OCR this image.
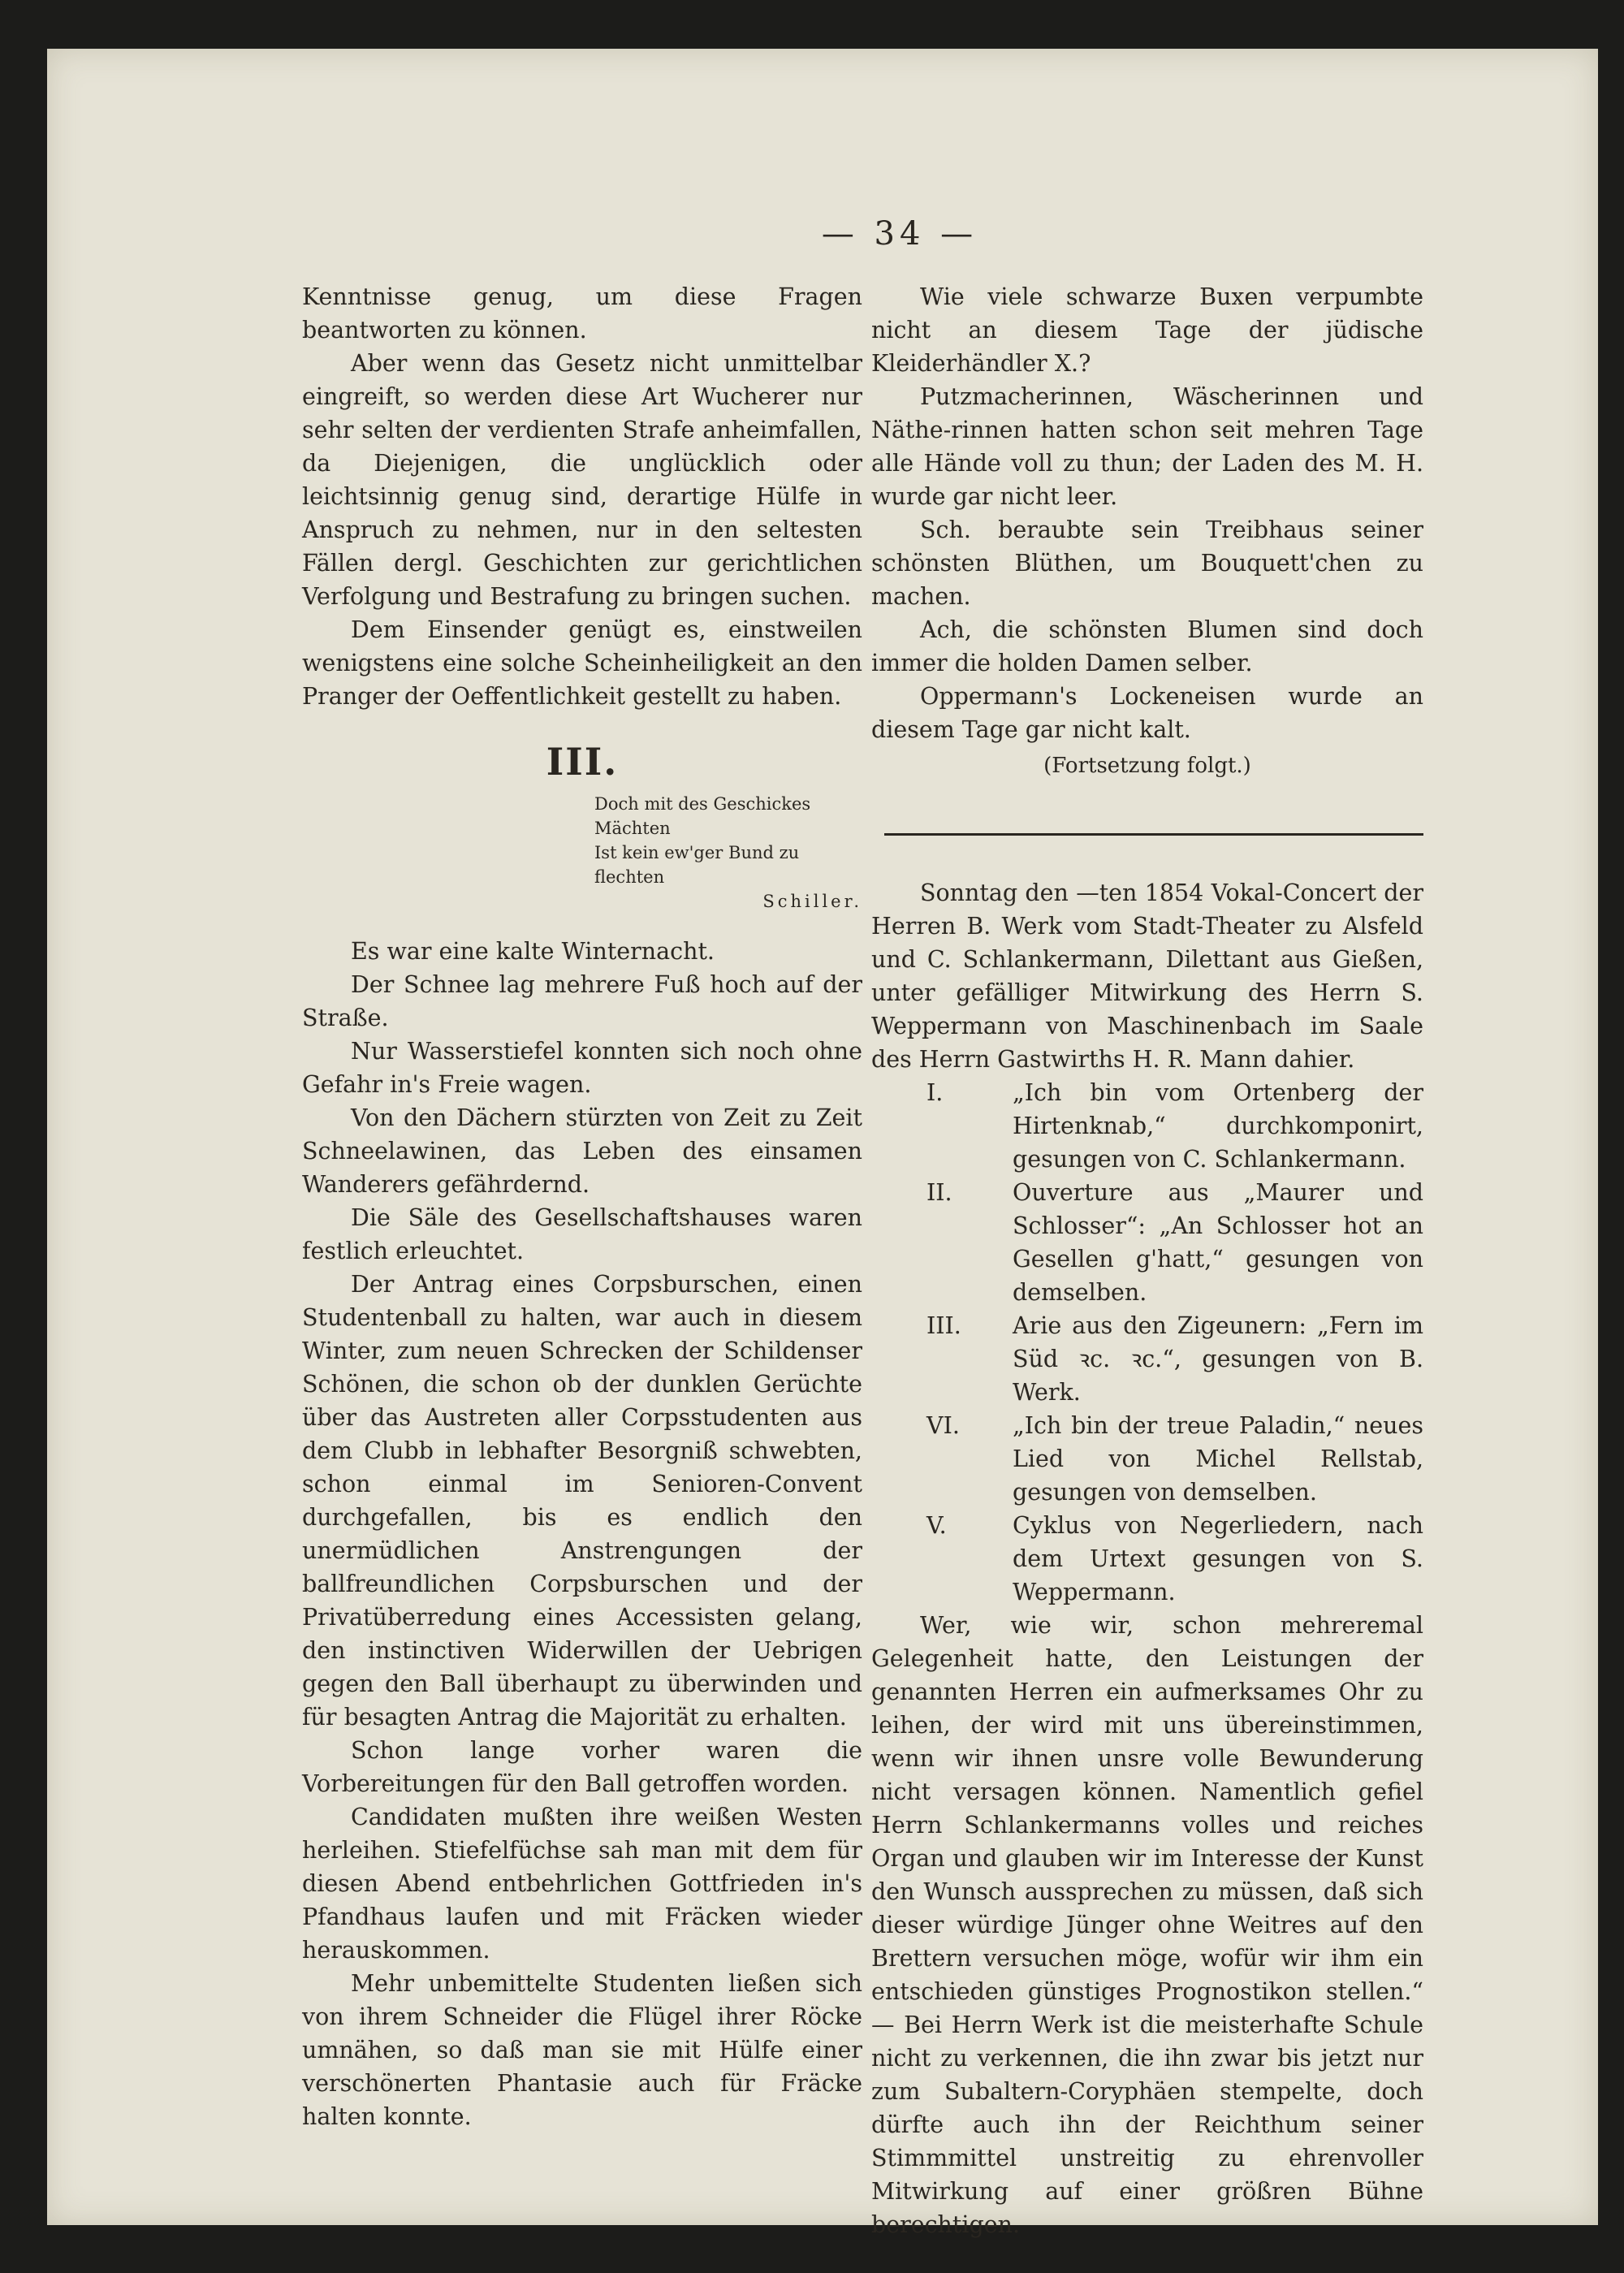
— 34 —

Kenntnisse genug, um diese Fragen beantworten zu können.

Aber wenn das Gesetz nicht unmittelbar eingreift, so werden diese Art Wucherer nur sehr selten der verdienten Strafe anheimfallen, da Diejenigen, die unglücklich oder leichtsinnig genug sind, derartige Hülfe in Anspruch zu nehmen, nur in den seltesten Fällen dergl. Geschichten zur gerichtlichen Verfolgung und Bestrafung zu bringen suchen.

Dem Einsender genügt es, einstweilen wenigstens eine solche Scheinheiligkeit an den Pranger der Oeffentlichkeit gestellt zu haben.

III.
Doch mit des Geschickes Mächten
Ist kein ew'ger Bund zu flechten
Schiller.

Es war eine kalte Winternacht.

Der Schnee lag mehrere Fuß hoch auf der Straße.

Nur Wasserstiefel konnten sich noch ohne Gefahr in's Freie wagen.

Von den Dächern stürzten von Zeit zu Zeit Schneelawinen, das Leben des einsamen Wanderers gefährdernd.

Die Säle des Gesellschaftshauses waren festlich erleuchtet.

Der Antrag eines Corpsburschen, einen Studentenball zu halten, war auch in diesem Winter, zum neuen Schrecken der Schildenser Schönen, die schon ob der dunklen Gerüchte über das Austreten aller Corpsstudenten aus dem Clubb in lebhafter Besorgniß schwebten, schon einmal im Senioren-Convent durchgefallen, bis es endlich den unermüdlichen Anstrengungen der ballfreundlichen Corpsburschen und der Privatüberredung eines Accessisten gelang, den instinctiven Widerwillen der Uebrigen gegen den Ball überhaupt zu überwinden und für besagten Antrag die Majorität zu erhalten.

Schon lange vorher waren die Vorbereitungen für den Ball getroffen worden.

Candidaten mußten ihre weißen Westen herleihen. Stiefelfüchse sah man mit dem für diesen Abend entbehrlichen Gottfrieden in's Pfandhaus laufen und mit Fräcken wieder herauskommen.

Mehr unbemittelte Studenten ließen sich von ihrem Schneider die Flügel ihrer Röcke umnähen, so daß man sie mit Hülfe einer verschönerten Phantasie auch für Fräcke halten konnte.

Wie viele schwarze Buxen verpumbte nicht an diesem Tage der jüdische Kleiderhändler X.?

Putzmacherinnen, Wäscherinnen und Näthe-rinnen hatten schon seit mehren Tage alle Hände voll zu thun; der Laden des M. H. wurde gar nicht leer.

Sch. beraubte sein Treibhaus seiner schönsten Blüthen, um Bouquett'chen zu machen.

Ach, die schönsten Blumen sind doch immer die holden Damen selber.

Oppermann's Lockeneisen wurde an diesem Tage gar nicht kalt.

(Fortsetzung folgt.)

Sonntag den —ten 1854 Vokal-Concert der Herren B. Werk vom Stadt-Theater zu Alsfeld und C. Schlankermann, Dilettant aus Gießen, unter gefälliger Mitwirkung des Herrn S. Weppermann von Maschinenbach im Saale des Herrn Gastwirths H. R. Mann dahier.

I.	„Ich bin vom Ortenberg der Hirtenknab,“ durchkomponirt, gesungen von C. Schlankermann.
II.	Ouverture aus „Maurer und Schlosser“: „An Schlosser hot an Gesellen g'hatt,“ gesungen von demselben.
III.	Arie aus den Zigeunern: „Fern im Süd ꝛc. ꝛc.“, gesungen von B. Werk.
VI.	„Ich bin der treue Paladin,“ neues Lied von Michel Rellstab, gesungen von demselben.
V.	Cyklus von Negerliedern, nach dem Urtext gesungen von S. Weppermann.

Wer, wie wir, schon mehreremal Gelegenheit hatte, den Leistungen der genannten Herren ein aufmerksames Ohr zu leihen, der wird mit uns übereinstimmen, wenn wir ihnen unsre volle Bewunderung nicht versagen können. Namentlich gefiel Herrn Schlankermanns volles und reiches Organ und glauben wir im Interesse der Kunst den Wunsch aussprechen zu müssen, daß sich dieser würdige Jünger ohne Weitres auf den Brettern versuchen möge, wofür wir ihm ein entschieden günstiges Prognostikon stellen.“ — Bei Herrn Werk ist die meisterhafte Schule nicht zu verkennen, die ihn zwar bis jetzt nur zum Subaltern-Coryphäen stempelte, doch dürfte auch ihn der Reichthum seiner Stimmmittel unstreitig zu ehrenvoller Mitwirkung auf einer größren Bühne berechtigen.
